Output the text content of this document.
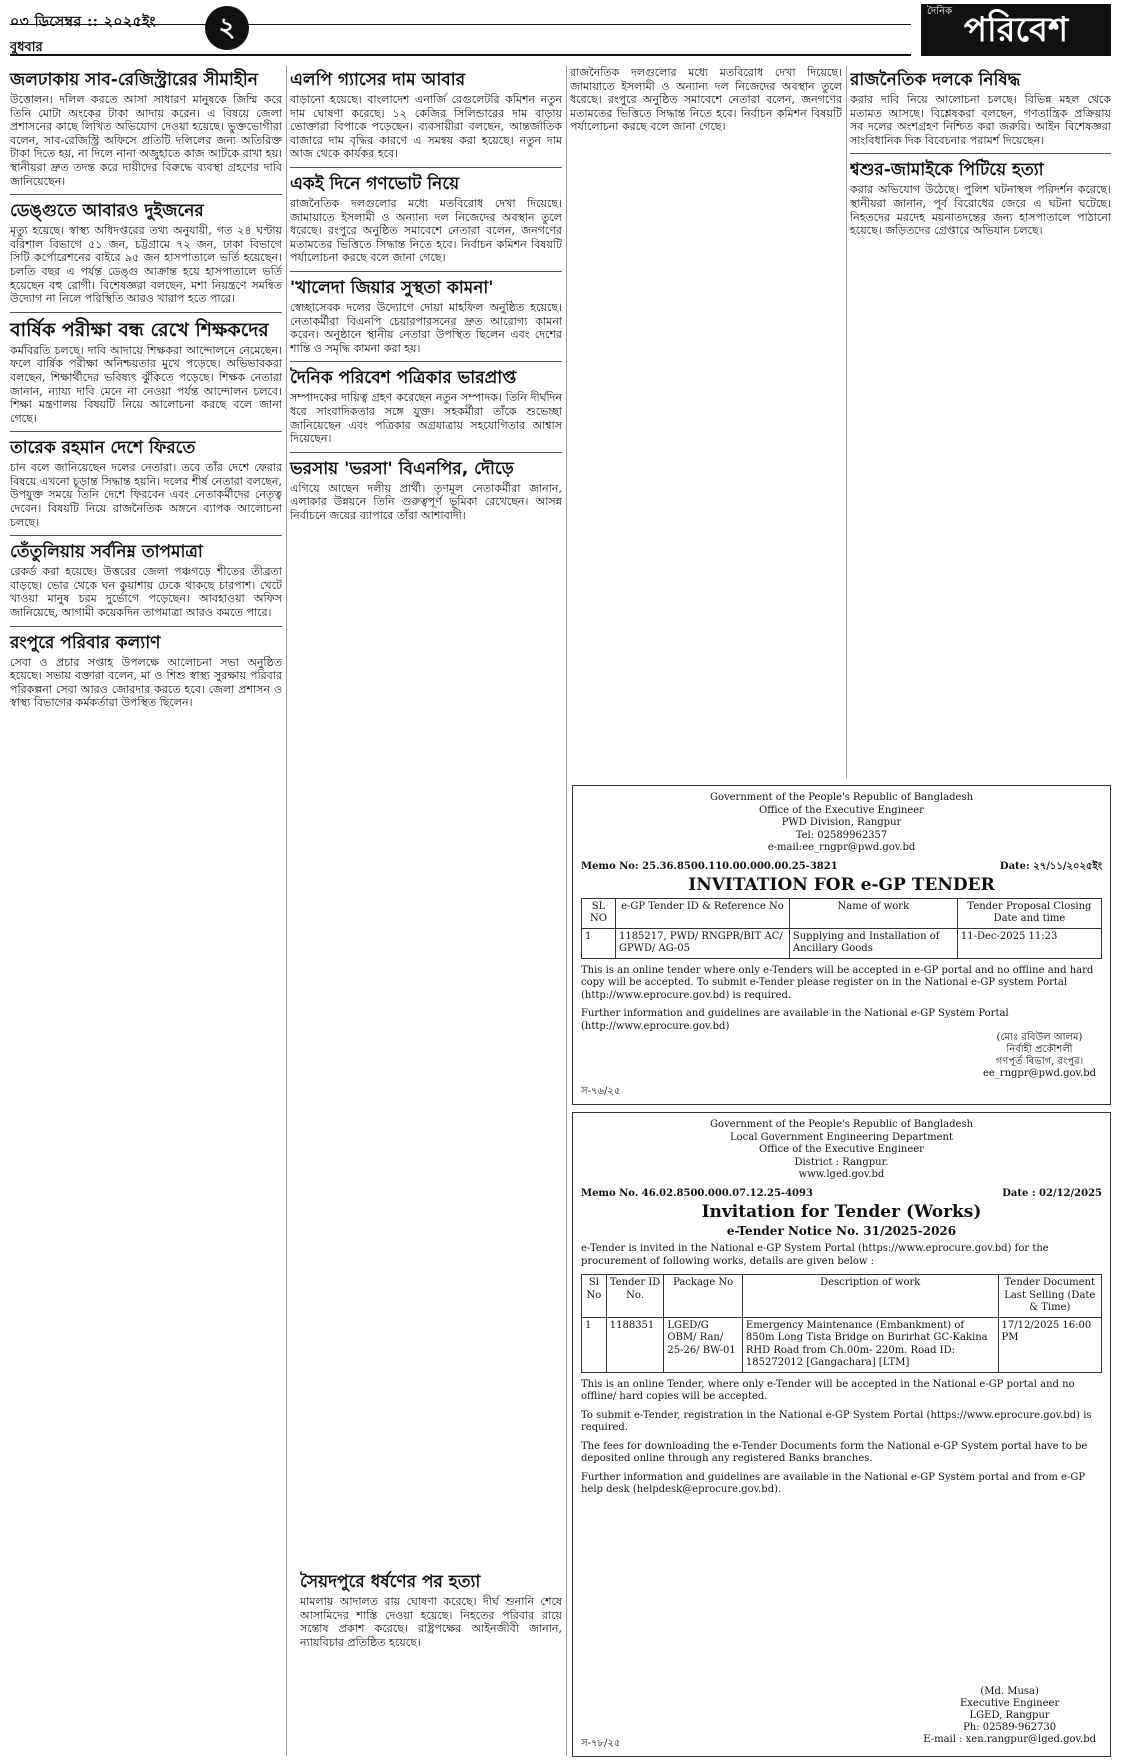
০৩ ডিসেম্বর :: ২০২৫ইং
বুধবার
২
দৈনিক পরিবেশ
জলঢাকায় সাব-রেজিস্ট্রারের সীমাহীন

উত্তোলন। দলিল করতে আসা সাধারণ মানুষকে জিম্মি করে তিনি মোটা অংকের টাকা আদায় করেন। এ বিষয়ে জেলা প্রশাসনের কাছে লিখিত অভিযোগ দেওয়া হয়েছে। ভুক্তভোগীরা বলেন, সাব-রেজিস্ট্রি অফিসে প্রতিটি দলিলের জন্য অতিরিক্ত টাকা দিতে হয়, না দিলে নানা অজুহাতে কাজ আটকে রাখা হয়। স্থানীয়রা দ্রুত তদন্ত করে দায়ীদের বিরুদ্ধে ব্যবস্থা গ্রহণের দাবি জানিয়েছেন।

ডেঙ্গুতে আবারও দুইজনের

মৃত্যু হয়েছে। স্বাস্থ্য অধিদপ্তরের তথ্য অনুযায়ী, গত ২৪ ঘণ্টায় বরিশাল বিভাগে ৫১ জন, চট্টগ্রামে ৭২ জন, ঢাকা বিভাগে সিটি কর্পোরেশনের বাইরে ৯৫ জন হাসপাতালে ভর্তি হয়েছেন। চলতি বছর এ পর্যন্ত ডেঙ্গু আক্রান্ত হয়ে হাসপাতালে ভর্তি হয়েছেন বহু রোগী। বিশেষজ্ঞরা বলছেন, মশা নিয়ন্ত্রণে সমন্বিত উদ্যোগ না নিলে পরিস্থিতি আরও খারাপ হতে পারে।

বার্ষিক পরীক্ষা বন্ধ রেখে শিক্ষকদের

কর্মবিরতি চলছে। দাবি আদায়ে শিক্ষকরা আন্দোলনে নেমেছেন। ফলে বার্ষিক পরীক্ষা অনিশ্চয়তার মুখে পড়েছে। অভিভাবকরা বলছেন, শিক্ষার্থীদের ভবিষ্যৎ ঝুঁকিতে পড়েছে। শিক্ষক নেতারা জানান, ন্যায্য দাবি মেনে না নেওয়া পর্যন্ত আন্দোলন চলবে। শিক্ষা মন্ত্রণালয় বিষয়টি নিয়ে আলোচনা করছে বলে জানা গেছে।

তারেক রহমান দেশে ফিরতে

চান বলে জানিয়েছেন দলের নেতারা। তবে তাঁর দেশে ফেরার বিষয়ে এখনো চূড়ান্ত সিদ্ধান্ত হয়নি। দলের শীর্ষ নেতারা বলছেন, উপযুক্ত সময়ে তিনি দেশে ফিরবেন এবং নেতাকর্মীদের নেতৃত্ব দেবেন। বিষয়টি নিয়ে রাজনৈতিক অঙ্গনে ব্যাপক আলোচনা চলছে।

তেঁতুলিয়ায় সর্বনিম্ন তাপমাত্রা

রেকর্ড করা হয়েছে। উত্তরের জেলা পঞ্চগড়ে শীতের তীব্রতা বাড়ছে। ভোর থেকে ঘন কুয়াশায় ঢেকে থাকছে চারপাশ। খেটে খাওয়া মানুষ চরম দুর্ভোগে পড়েছেন। আবহাওয়া অফিস জানিয়েছে, আগামী কয়েকদিন তাপমাত্রা আরও কমতে পারে।

রংপুরে পরিবার কল্যাণ

সেবা ও প্রচার সপ্তাহ উপলক্ষে আলোচনা সভা অনুষ্ঠিত হয়েছে। সভায় বক্তারা বলেন, মা ও শিশু স্বাস্থ্য সুরক্ষায় পরিবার পরিকল্পনা সেবা আরও জোরদার করতে হবে। জেলা প্রশাসন ও স্বাস্থ্য বিভাগের কর্মকর্তারা উপস্থিত ছিলেন।

এলপি গ্যাসের দাম আবার

বাড়ানো হয়েছে। বাংলাদেশ এনার্জি রেগুলেটরি কমিশন নতুন দাম ঘোষণা করেছে। ১২ কেজির সিলিন্ডারের দাম বাড়ায় ভোক্তারা বিপাকে পড়েছেন। ব্যবসায়ীরা বলছেন, আন্তর্জাতিক বাজারে দাম বৃদ্ধির কারণে এ সমন্বয় করা হয়েছে। নতুন দাম আজ থেকে কার্যকর হবে।

একই দিনে গণভোট নিয়ে

রাজনৈতিক দলগুলোর মধ্যে মতবিরোধ দেখা দিয়েছে। জামায়াতে ইসলামী ও অন্যান্য দল নিজেদের অবস্থান তুলে ধরেছে। রংপুরে অনুষ্ঠিত সমাবেশে নেতারা বলেন, জনগণের মতামতের ভিত্তিতে সিদ্ধান্ত নিতে হবে। নির্বাচন কমিশন বিষয়টি পর্যালোচনা করছে বলে জানা গেছে।

'খালেদা জিয়ার সুস্থতা কামনা'

স্বেচ্ছাসেবক দলের উদ্যোগে দোয়া মাহফিল অনুষ্ঠিত হয়েছে। নেতাকর্মীরা বিএনপি চেয়ারপারসনের দ্রুত আরোগ্য কামনা করেন। অনুষ্ঠানে স্থানীয় নেতারা উপস্থিত ছিলেন এবং দেশের শান্তি ও সমৃদ্ধি কামনা করা হয়।

দৈনিক পরিবেশ পত্রিকার ভারপ্রাপ্ত

সম্পাদকের দায়িত্ব গ্রহণ করেছেন নতুন সম্পাদক। তিনি দীর্ঘদিন ধরে সাংবাদিকতার সঙ্গে যুক্ত। সহকর্মীরা তাঁকে শুভেচ্ছা জানিয়েছেন এবং পত্রিকার অগ্রযাত্রায় সহযোগিতার আশ্বাস দিয়েছেন।

ভরসায় 'ভরসা' বিএনপির, দৌড়ে

এগিয়ে আছেন দলীয় প্রার্থী। তৃণমূল নেতাকর্মীরা জানান, এলাকার উন্নয়নে তিনি গুরুত্বপূর্ণ ভূমিকা রেখেছেন। আসন্ন নির্বাচনে জয়ের ব্যাপারে তাঁরা আশাবাদী।

রাজনৈতিক দলগুলোর মধ্যে মতবিরোধ দেখা দিয়েছে। জামায়াতে ইসলামী ও অন্যান্য দল নিজেদের অবস্থান তুলে ধরেছে। রংপুরে অনুষ্ঠিত সমাবেশে নেতারা বলেন, জনগণের মতামতের ভিত্তিতে সিদ্ধান্ত নিতে হবে। নির্বাচন কমিশন বিষয়টি পর্যালোচনা করছে বলে জানা গেছে।

রাজনৈতিক দলকে নিষিদ্ধ

করার দাবি নিয়ে আলোচনা চলছে। বিভিন্ন মহল থেকে মতামত আসছে। বিশ্লেষকরা বলছেন, গণতান্ত্রিক প্রক্রিয়ায় সব দলের অংশগ্রহণ নিশ্চিত করা জরুরি। আইন বিশেষজ্ঞরা সাংবিধানিক দিক বিবেচনার পরামর্শ দিয়েছেন।

শ্বশুর-জামাইকে পিটিয়ে হত্যা

করার অভিযোগ উঠেছে। পুলিশ ঘটনাস্থল পরিদর্শন করেছে। স্থানীয়রা জানান, পূর্ব বিরোধের জেরে এ ঘটনা ঘটেছে। নিহতদের মরদেহ ময়নাতদন্তের জন্য হাসপাতালে পাঠানো হয়েছে। জড়িতদের গ্রেপ্তারে অভিযান চলছে।

Government of the People's Republic of Bangladesh
Office of the Executive Engineer
PWD Division, Rangpur
Tel: 02589962357
e-mail:ee_rngpr@pwd.gov.bd
Memo No: 25.36.8500.110.00.000.00.25-3821	Date: ২৭/১১/২০২৫ইং
INVITATION FOR e-GP TENDER
SL NO	e-GP Tender ID & Reference No	Name of work	Tender Proposal Closing Date and time
1	1185217, PWD/ RNGPR/BIT AC/ GPWD/ AG-05	Supplying and Installation of Ancillary Goods	11-Dec-2025 11:23

This is an online tender where only e-Tenders will be accepted in e-GP portal and no offline and hard copy will be accepted. To submit e-Tender please register on in the National e-GP system Portal (http://www.eprocure.gov.bd) is required.

Further information and guidelines are available in the National e-GP System Portal (http://www.eprocure.gov.bd)

(মোঃ রবিউল আলম)
নির্বাহী প্রকৌশলী
গণপূর্ত বিভাগ, রংপুর।
ee_rngpr@pwd.gov.bd
স-৭৬/২৫
Government of the People's Republic of Bangladesh
Local Government Engineering Department
Office of the Executive Engineer
District : Rangpur.
www.lged.gov.bd
Memo No. 46.02.8500.000.07.12.25-4093	Date : 02/12/2025
Invitation for Tender (Works)
e-Tender Notice No. 31/2025-2026

e-Tender is invited in the National e-GP System Portal (https://www.eprocure.gov.bd) for the procurement of following works, details are given below :

Sl No	Tender ID No.	Package No	Description of work	Tender Document Last Selling (Date & Time)
1	1188351	LGED/G OBM/ Ran/ 25-26/ BW-01	Emergency Maintenance (Embankment) of 850m Long Tista Bridge on Burirhat GC-Kakina RHD Road from Ch.00m- 220m. Road ID: 185272012 [Gangachara] [LTM]	17/12/2025 16:00 PM

This is an online Tender, where only e-Tender will be accepted in the National e-GP portal and no offline/ hard copies will be accepted.

To submit e-Tender, registration in the National e-GP System Portal (https://www.eprocure.gov.bd) is required.

The fees for downloading the e-Tender Documents form the National e-GP System portal have to be deposited online through any registered Banks branches.

Further information and guidelines are available in the National e-GP System portal and from e-GP help desk (helpdesk@eprocure.gov.bd).

(Md. Musa)
Executive Engineer
LGED, Rangpur
Ph: 02589-962730
E-mail : xen.rangpur@lged.gov.bd
স-৭৮/২৫
সৈয়দপুরে ধর্ষণের পর হত্যা

মামলায় আদালত রায় ঘোষণা করেছে। দীর্ঘ শুনানি শেষে আসামিদের শাস্তি দেওয়া হয়েছে। নিহতের পরিবার রায়ে সন্তোষ প্রকাশ করেছে। রাষ্ট্রপক্ষের আইনজীবী জানান, ন্যায়বিচার প্রতিষ্ঠিত হয়েছে।
